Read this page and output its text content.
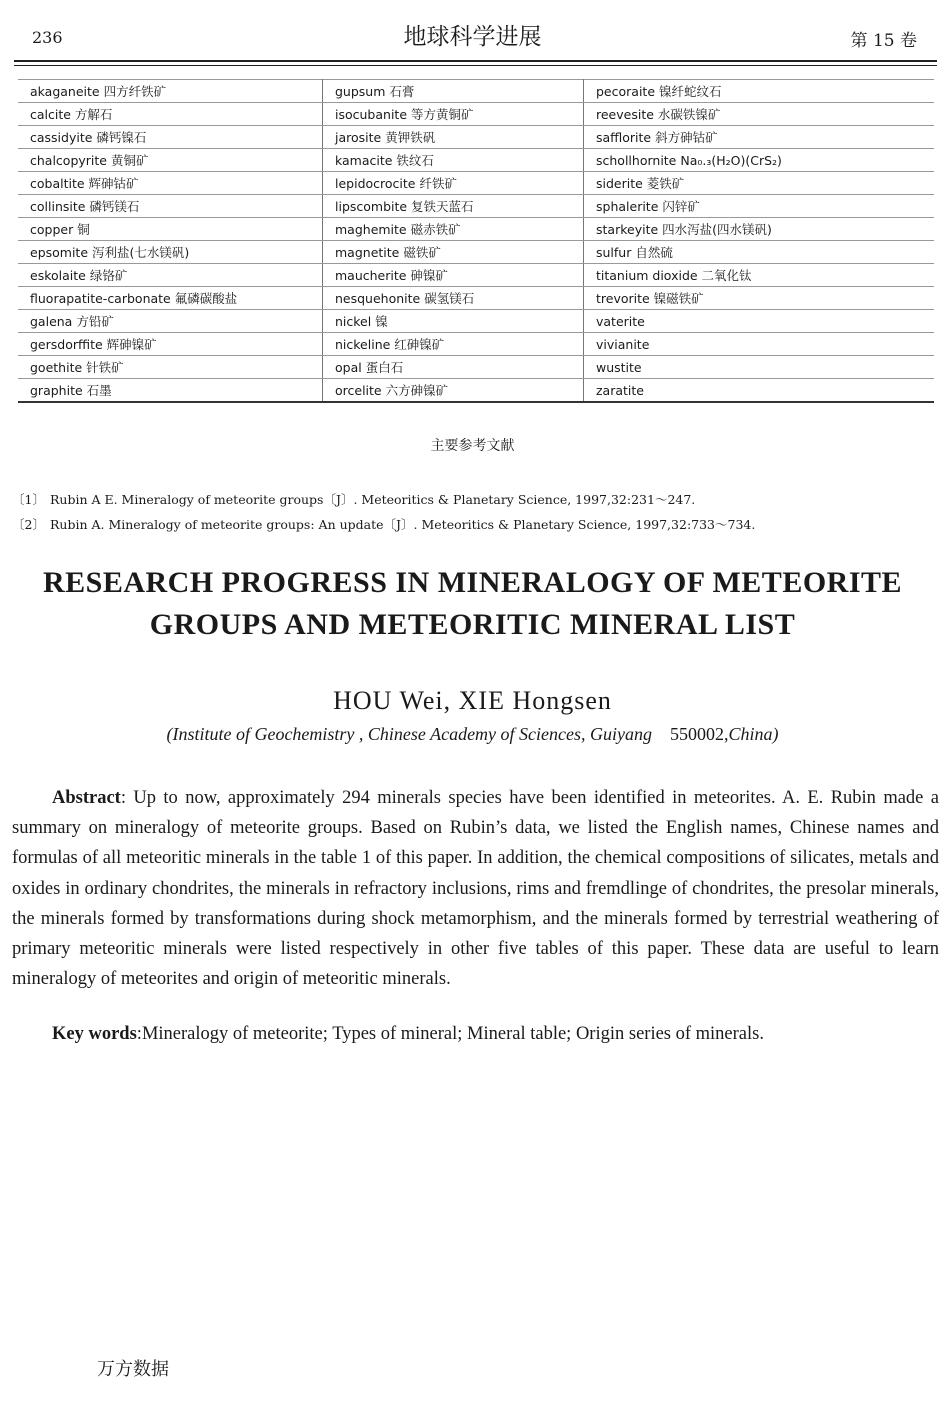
236	地球科学进展	第 15 卷
akaganeite 四方纤铁矿	gupsum 石膏	pecoraite 镍纤蛇纹石
calcite 方解石	isocubanite 等方黄铜矿	reevesite 水碳铁镍矿
cassidyite 磷钙镍石	jarosite 黄钾铁矾	safflorite 斜方砷钴矿
chalcopyrite 黄铜矿	kamacite 铁纹石	schollhornite Na₀.₃(H₂O)(CrS₂)
cobaltite 辉砷钴矿	lepidocrocite 纤铁矿	siderite 菱铁矿
collinsite 磷钙镁石	lipscombite 复铁天蓝石	sphalerite 闪锌矿
copper 铜	maghemite 磁赤铁矿	starkeyite 四水泻盐(四水镁矾)
epsomite 泻利盐(七水镁矾)	magnetite 磁铁矿	sulfur 自然硫
eskolaite 绿铬矿	maucherite 砷镍矿	titanium dioxide 二氧化钛
fluorapatite-carbonate 氟磷碳酸盐	nesquehonite 碳氢镁石	trevorite 镍磁铁矿
galena 方铅矿	nickel 镍	vaterite
gersdorffite 辉砷镍矿	nickeline 红砷镍矿	vivianite
goethite 针铁矿	opal 蛋白石	wustite
graphite 石墨	orcelite 六方砷镍矿	zaratite
主要参考文献
〔1〕 Rubin A E. Mineralogy of meteorite groups〔J〕. Meteoritics & Planetary Science, 1997,32:231～247.
〔2〕 Rubin A. Mineralogy of meteorite groups: An update〔J〕. Meteoritics & Planetary Science, 1997,32:733～734.
RESEARCH PROGRESS IN MINERALOGY OF METEORITE
GROUPS AND METEORITIC MINERAL LIST
HOU Wei, XIE Hongsen
(Institute of Geochemistry , Chinese Academy of Sciences, Guiyang 550002,China)

Abstract: Up to now, approximately 294 minerals species have been identified in meteorites. A. E. Rubin made a summary on mineralogy of meteorite groups. Based on Rubin’s data, we listed the English names, Chinese names and formulas of all meteoritic minerals in the table 1 of this paper. In addition, the chemical compositions of silicates, metals and oxides in ordinary chondrites, the minerals in refractory inclusions, rims and fremdlinge of chondrites, the presolar minerals, the minerals formed by transformations during shock metamorphism, and the minerals formed by terrestrial weathering of primary meteoritic minerals were listed respectively in other five tables of this paper. These data are useful to learn mineralogy of meteorites and origin of meteoritic minerals.

Key words:Mineralogy of meteorite; Types of mineral; Mineral table; Origin series of minerals.
万方数据
